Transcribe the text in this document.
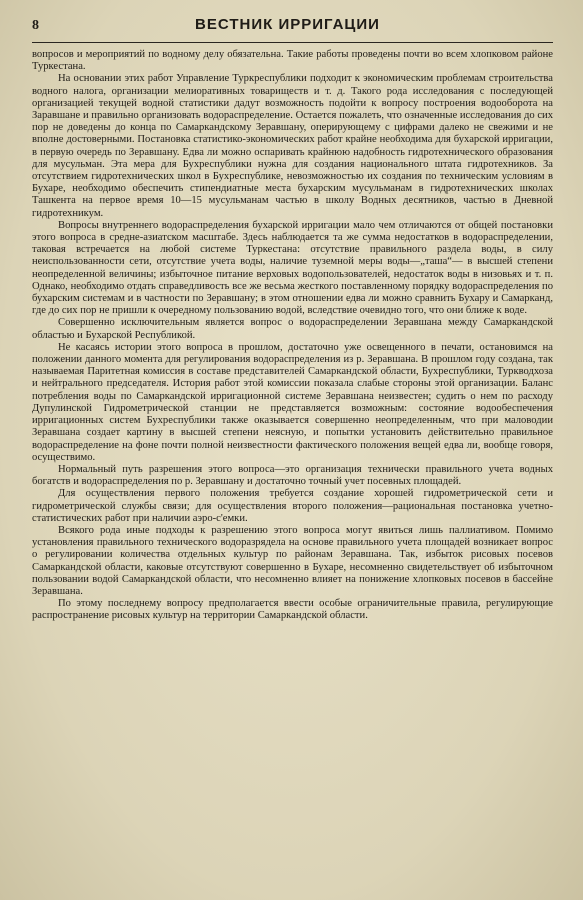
8	ВЕСТНИК ИРРИГАЦИИ

вопросов и мероприятий по водному делу обязательна. Такие работы проведены почти во всем хлопковом районе Туркестана.

На основании этих работ Управление Туркреспублики подходит к экономическим проблемам строительства водного налога, организации мелиоративных товариществ и т. д. Такого рода исследования с последующей организацией текущей водной статистики дадут возможность подойти к вопросу построения водооборота на Заравшане и правильно организовать водораспределение. Остается пожалеть, что означенные исследования до сих пор не доведены до конца по Самаркандскому Зеравшану, оперирующему с цифрами далеко не свежими и не вполне достоверными. Постановка статистико-экономических работ крайне необходима для бухарской ирригации, в первую очередь по Зеравшану. Едва ли можно оспаривать крайнюю надобность гидротехнического образования для мусульман. Эта мера для Бухреспублики нужна для создания национального штата гидротехников. За отсутствием гидротехнических школ в Бухреспублике, невозможностью их создания по техническим условиям в Бухаре, необходимо обеспечить стипендиатные места бухарским мусульманам в гидротехнических школах Ташкента на первое время 10—15 мусульманам частью в школу Водных десятников, частью в Дневной гидротехникум.

Вопросы внутреннего водораспределения бухарской ирригации мало чем отличаются от общей постановки этого вопроса в средне-азиатском масштабе. Здесь наблюдается та же сумма недостатков в водораспределении, таковая встречается на любой системе Туркестана: отсутствие правильного раздела воды, в силу неиспользованности сети, отсутствие учета воды, наличие туземной меры воды—„таша“— в высшей степени неопределенной величины; избыточное питание верховых водопользователей, недостаток воды в низовьях и т. п. Однако, необходимо отдать справедливость все же весьма жесткого поставленному порядку водораспределения по бухарским системам и в частности по Зеравшану; в этом отношении едва ли можно сравнить Бухару и Самарканд, где до сих пор не пришли к очередному пользованию водой, вследствие очевидно того, что они ближе к воде.

Совершенно исключительным является вопрос о водораспределении Зеравшана между Самаркандской областью и Бухарской Республикой.

Не касаясь истории этого вопроса в прошлом, достаточно уже освещенного в печати, остановимся на положении данного момента для регулирования водораспределения из р. Зеравшана. В прошлом году создана, так называемая Паритетная комиссия в составе представителей Самаркандской области, Бухреспублики, Туркводхоза и нейтрального председателя. История работ этой комиссии показала слабые стороны этой организации. Баланс потребления воды по Самаркандской ирригационной системе Зеравшана неизвестен; судить о нем по расходу Дупулинской Гидрометрической станции не представляется возможным: состояние водообеспечения ирригационных систем Бухреспублики также оказывается совершенно неопределенным, что при маловодии Зеравшана создает картину в высшей степени неясную, и попытки установить действительно правильное водораспределение на фоне почти полной неизвестности фактического положения вещей едва ли, вообще говоря, осуществимо.

Нормальный путь разрешения этого вопроса—это организация технически правильного учета водных богатств и водораспределения по р. Зеравшану и достаточно точный учет посевных площадей.

Для осуществления первого положения требуется создание хорошей гидрометрической сети и гидрометрической службы связи; для осуществления второго положения—рациональная постановка учетно-статистических работ при наличии аэро-с'емки.

Всякого рода иные подходы к разрешению этого вопроса могут явиться лишь паллиативом. Помимо установления правильного технического водоразрядела на основе правильного учета площадей возникает вопрос о регулировании количества отдельных культур по районам Зеравшана. Так, избыток рисовых посевов Самаркандской области, каковые отсутствуют совершенно в Бухаре, несомненно свидетельствует об избыточном пользовании водой Самаркандской области, что несомненно влияет на понижение хлопковых посевов в бассейне Зеравшана.

По этому последнему вопросу предполагается ввести особые ограничительные правила, регулирующие распространение рисовых культур на территории Самаркандской области.
